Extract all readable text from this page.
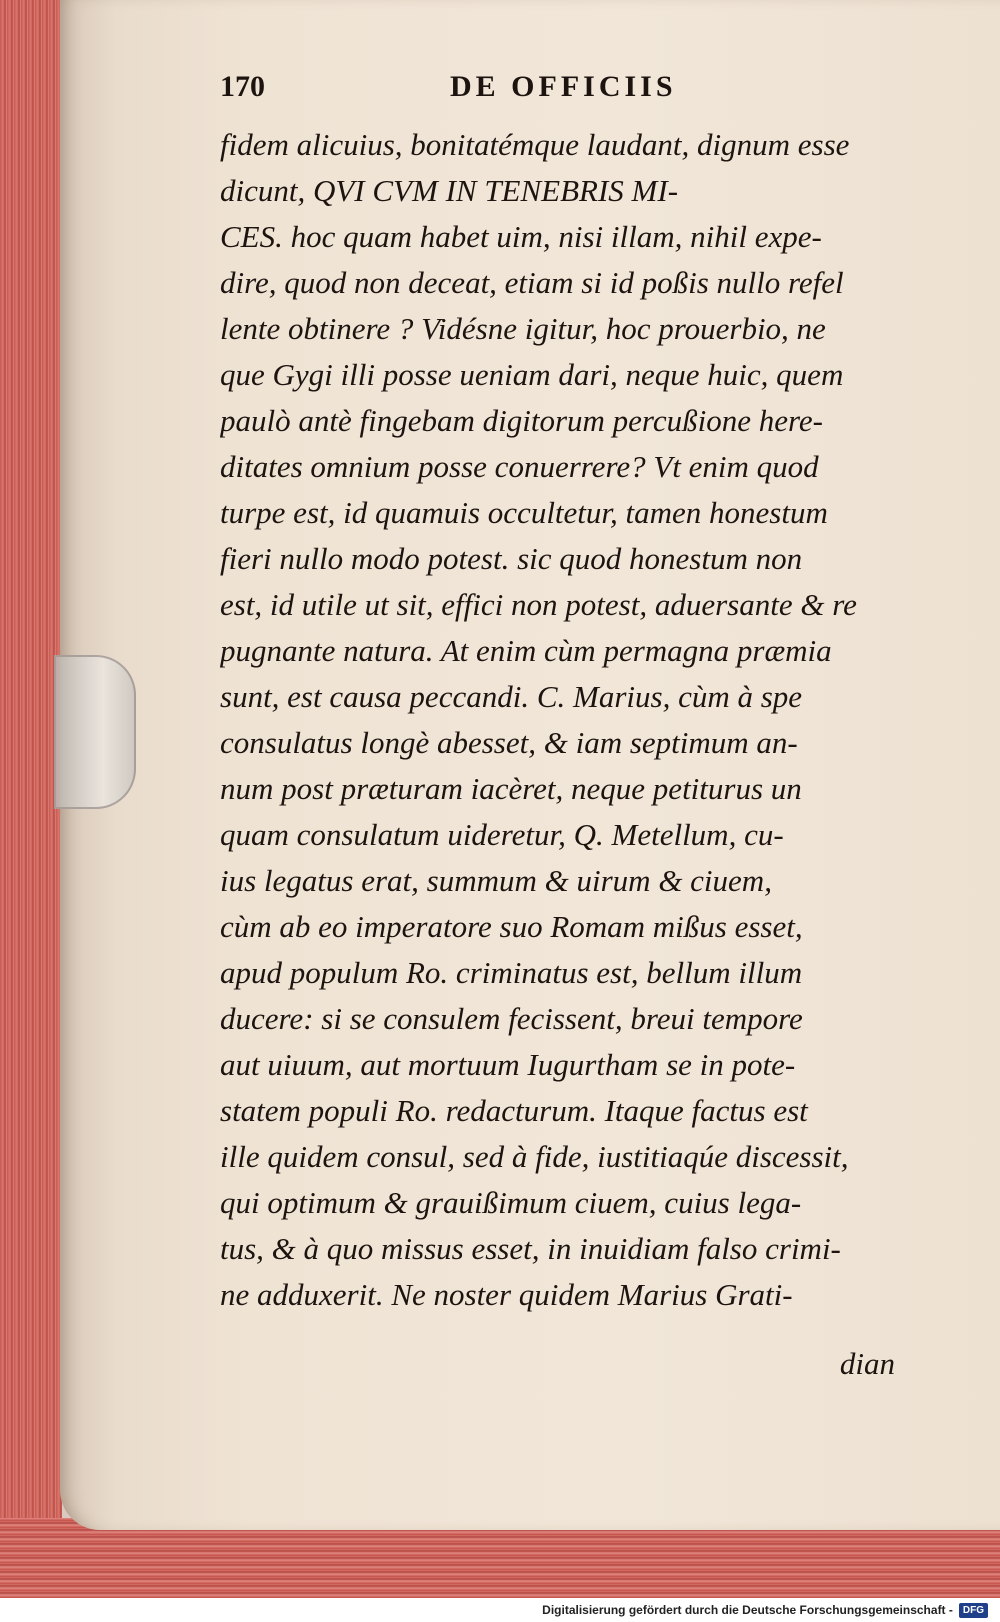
170	DE OFFICIIS
fidem alicuius, bonitatémque laudant, dignum esse
dicunt, QVI CVM IN TENEBRIS MI-
CES. hoc quam habet uim, nisi illam, nihil expe-
dire, quod non deceat, etiam si id poßis nullo refel
lente obtinere ? Vidésne igitur, hoc prouerbio, ne
que Gygi illi posse ueniam dari, neque huic, quem
paulò antè fingebam digitorum percußione here-
ditates omnium posse conuerrere? Vt enim quod
turpe est, id quamuis occultetur, tamen honestum
fieri nullo modo potest. sic quod honestum non
est, id utile ut sit, effici non potest, aduersante & re
pugnante natura. At enim cùm permagna præmia
sunt, est causa peccandi. C. Marius, cùm à spe
consulatus longè abesset, & iam septimum an-
num post præturam iacèret, neque petiturus un
quam consulatum uideretur, Q. Metellum, cu-
ius legatus erat, summum & uirum & ciuem,
cùm ab eo imperatore suo Romam mißus esset,
apud populum Ro. criminatus est, bellum illum
ducere: si se consulem fecissent, breui tempore
aut uiuum, aut mortuum Iugurtham se in pote-
statem populi Ro. redacturum. Itaque factus est
ille quidem consul, sed à fide, iustitiaqúe discessit,
qui optimum & grauißimum ciuem, cuius lega-
tus, & à quo missus esset, in inuidiam falso crimi-
ne adduxerit. Ne noster quidem Marius Grati-
dian
Digitalisierung gefördert durch die Deutsche Forschungsgemeinschaft -	DFG
